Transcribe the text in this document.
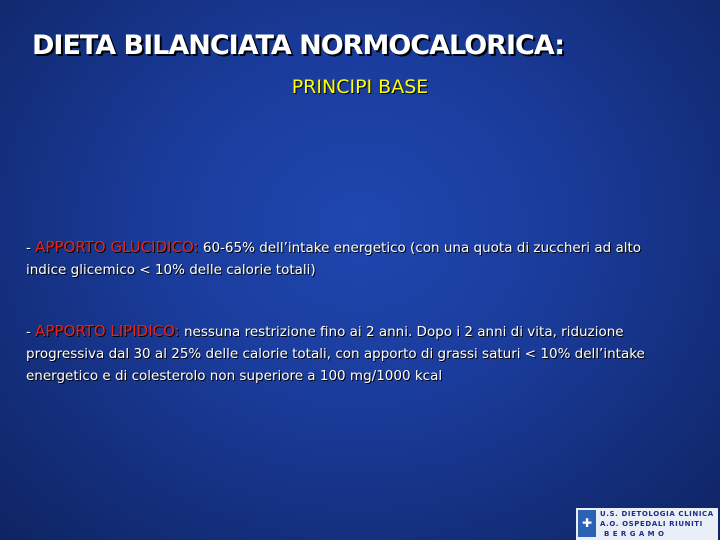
DIETA BILANCIATA NORMOCALORICA:
PRINCIPI BASE
- APPORTO GLUCIDICO: 60-65% dell’intake energetico (con una quota di zuccheri ad alto indice glicemico < 10% delle calorie totali)
- APPORTO LIPIDICO: nessuna restrizione fino ai 2 anni. Dopo i 2 anni di vita, riduzione progressiva dal 30 al 25% delle calorie totali, con apporto di grassi saturi < 10% dell’intake energetico e di colesterolo non superiore a 100 mg/1000 kcal
✚
U.S. DIETOLOGIA CLINICA
A.O. OSPEDALI RIUNITI
BERGAMO
